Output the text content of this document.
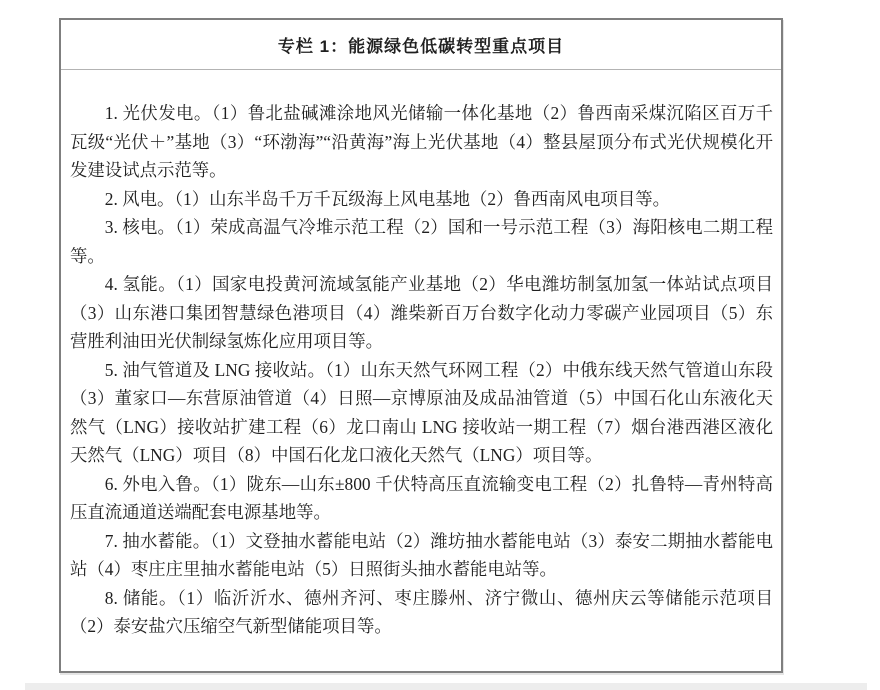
专栏 1：能源绿色低碳转型重点项目

1. 光伏发电。（1）鲁北盐碱滩涂地风光储输一体化基地（2）鲁西南采煤沉陷区百万千瓦级“光伏＋”基地（3）“环渤海”“沿黄海”海上光伏基地（4）整县屋顶分布式光伏规模化开发建设试点示范等。

2. 风电。（1）山东半岛千万千瓦级海上风电基地（2）鲁西南风电项目等。

3. 核电。（1）荣成高温气冷堆示范工程（2）国和一号示范工程（3）海阳核电二期工程等。

4. 氢能。（1）国家电投黄河流域氢能产业基地（2）华电潍坊制氢加氢一体站试点项目（3）山东港口集团智慧绿色港项目（4）潍柴新百万台数字化动力零碳产业园项目（5）东营胜利油田光伏制绿氢炼化应用项目等。

5. 油气管道及 LNG 接收站。（1）山东天然气环网工程（2）中俄东线天然气管道山东段（3）董家口—东营原油管道（4）日照—京博原油及成品油管道（5）中国石化山东液化天然气（LNG）接收站扩建工程（6）龙口南山 LNG 接收站一期工程（7）烟台港西港区液化天然气（LNG）项目（8）中国石化龙口液化天然气（LNG）项目等。

6. 外电入鲁。（1）陇东—山东±800 千伏特高压直流输变电工程（2）扎鲁特—青州特高压直流通道送端配套电源基地等。

7. 抽水蓄能。（1）文登抽水蓄能电站（2）潍坊抽水蓄能电站（3）泰安二期抽水蓄能电站（4）枣庄庄里抽水蓄能电站（5）日照街头抽水蓄能电站等。

8. 储能。（1）临沂沂水、德州齐河、枣庄滕州、济宁微山、德州庆云等储能示范项目（2）泰安盐穴压缩空气新型储能项目等。
